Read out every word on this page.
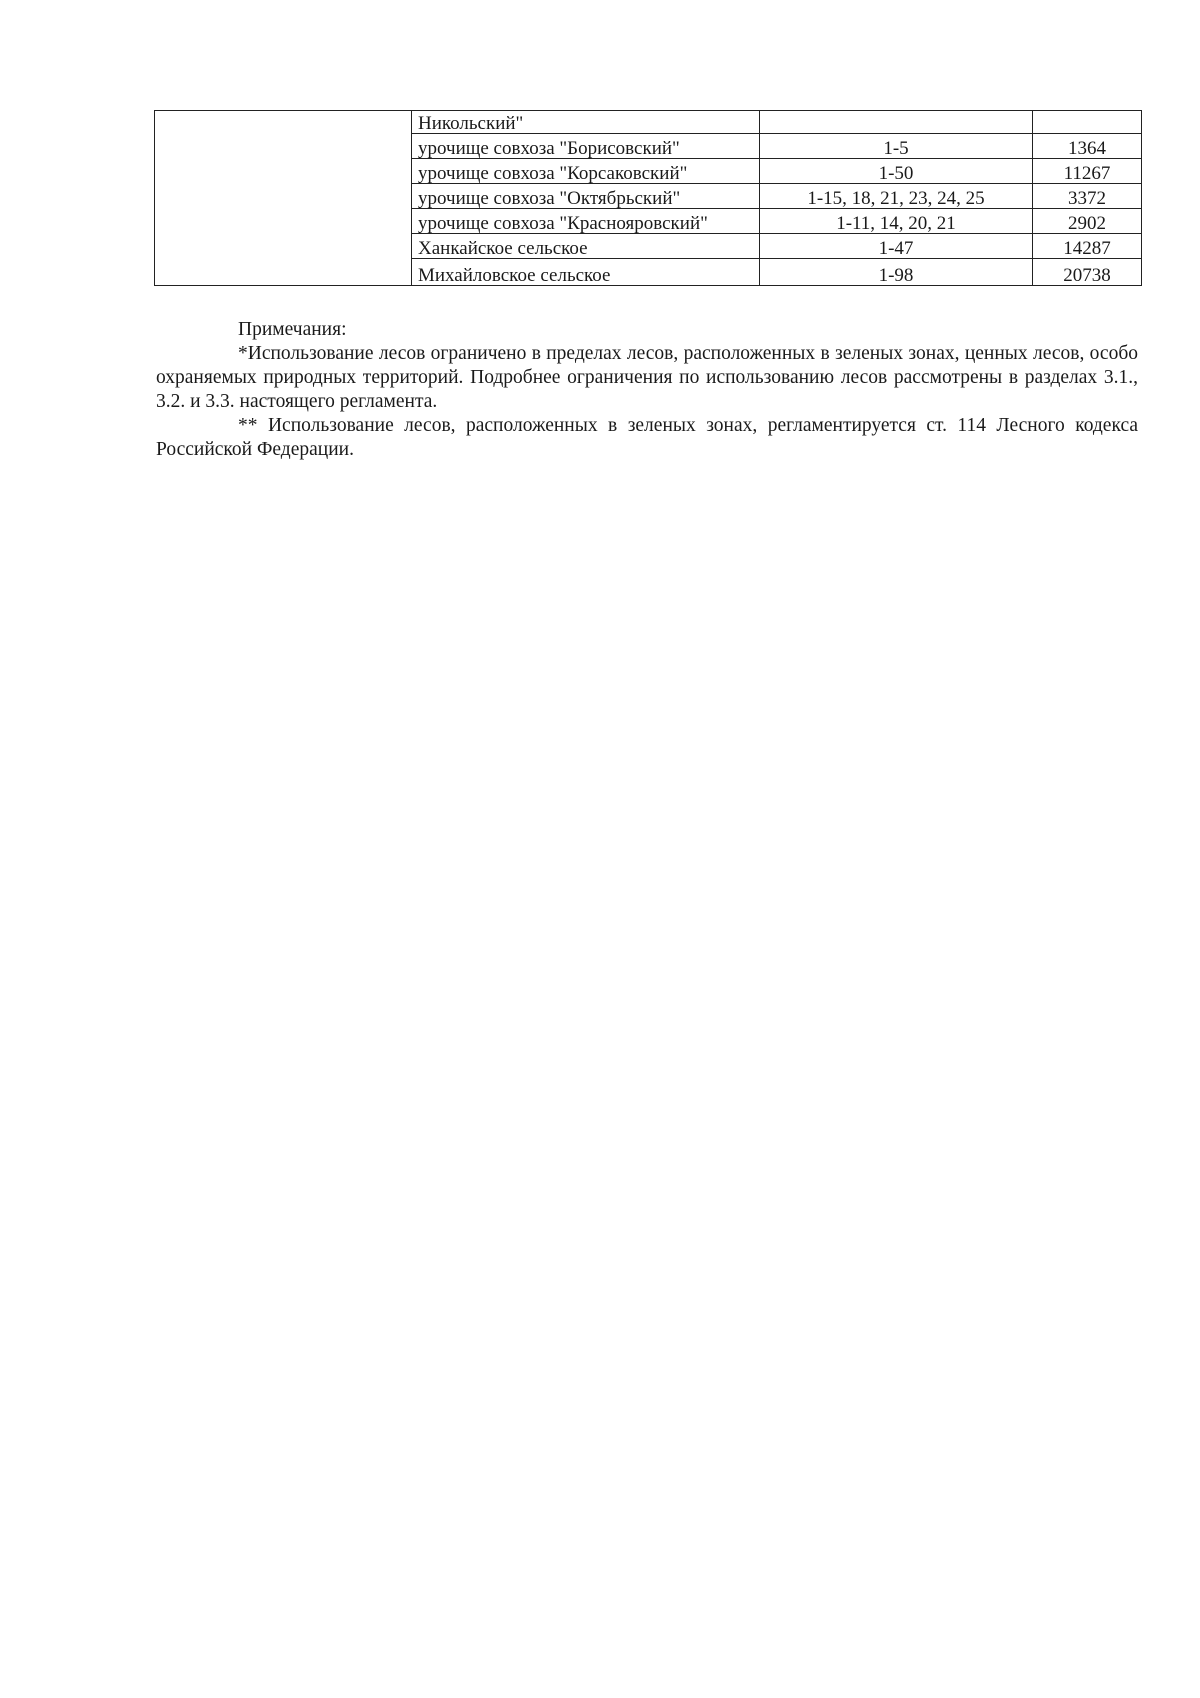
	Никольский"		
	урочище совхоза "Борисовский"	1-5	1364
	урочище совхоза "Корсаковский"	1-50	11267
	урочище совхоза "Октябрьский"	1-15, 18, 21, 23, 24, 25	3372
	урочище совхоза "Краснояровский"	1-11, 14, 20, 21	2902
	Ханкайское сельское	1-47	14287
	Михайловское сельское	1-98	20738
Примечания:

*Использование лесов ограничено в пределах лесов, расположенных в зеленых зонах, ценных лесов, особо охраняемых природных территорий. Подробнее ограничения по использованию лесов рассмотрены в разделах 3.1., 3.2. и 3.3. настоящего регламента.

** Использование лесов, расположенных в зеленых зонах, регламентируется ст. 114 Лесного кодекса Российской Федерации.
